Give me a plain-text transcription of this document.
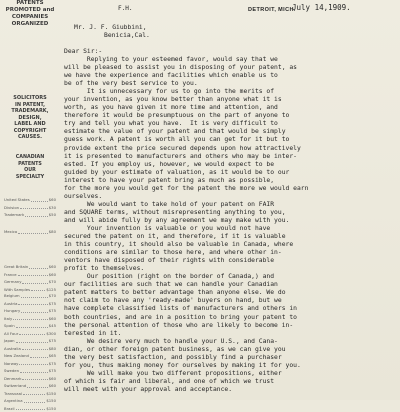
PATENTS
PROMOTED and
COMPANIES
ORGANIZED
SOLICITORS
IN PATENT,
TRADEMARK,
DESIGN,
LABEL AND
COPYRIGHT
CAUSES.
CANADIAN
PATENTS
OUR
SPECIALTY
United States	$60
Division	$30
Trademark	$50
Mexico	$80
Great Britain	$60
France	$60
Germany	$70
With Samples	$125
Belgium	$70
Austria	$75
Hungary	$75
Italy	$60
Spain	$45
All Four	$300
Japan	$75
Australia	$80
New Zealand	$65
Norway	$75
Sweden	$75
Denmark	$60
Switzerland	$60
Transvaal	$150
Argentina	$150
Brazil	$150
F.H.	DETROIT, MICH.
July 14,1909.
Mr. J. F. Giubbini,
Benicia,Cal.
Dear Sir:-
Replying to your esteemed favor, would say that we
will be pleased to assist you in disposing of your patent, as
we have the experience and facilities which enable us to
be of the very best service to you.
It is unnecessary for us to go into the merits of
your invention, as you know better than anyone what it is
worth, as you have given it more time and attention, and
therefore it would be presumptuous on the part of anyone to
try and tell you what you have.  It is very difficult to
estimate the value of your patent and that would be simply
guess work. A patent is worth all you can get for it but to
provide extent the price secured depends upon how attractively
it is presented to manufacturers and others who may be inter-
ested. If you employ us, however, we would expect to be
guided by your estimate of valuation, as it would be to our
interest to have your patent bring as much as possible,
for the more you would get for the patent the more we would earn
ourselves.
We would want to take hold of your patent on FAIR
and SQUARE terms, without misrepresenting anything to you,
and will abide fully by any agreement we may make with you.
Your invention is valuable or you would not have
secured the patent on it, and therefore, if it is valuable
in this country, it should also be valuable in Canada, where
conditions are similar to those here, and where other in-
ventors have disposed of their rights with considerable
profit to themselves.
Our position (right on the border of Canada,) and
our facilities are such that we can handle your Canadian
patent matters to better advantage than anyone else. We do
not claim to have any 'ready-made' buyers on hand, but we
have complete classified lists of manufacturers and others in
both countries, and are in a position to bring your patent to
the personal attention of those who are likely to become in-
terested in it.
We desire very much to handle your U.S., and Cana-
dian, or other foreign patent business, as we can give you
the very best satisfaction, and possibly find a purchaser
for you, thus making money for ourselves by making it for you.
We will make you two different propositions, either
of which is fair and liberal, and one of which we trust
will meet with your approval and acceptance.
